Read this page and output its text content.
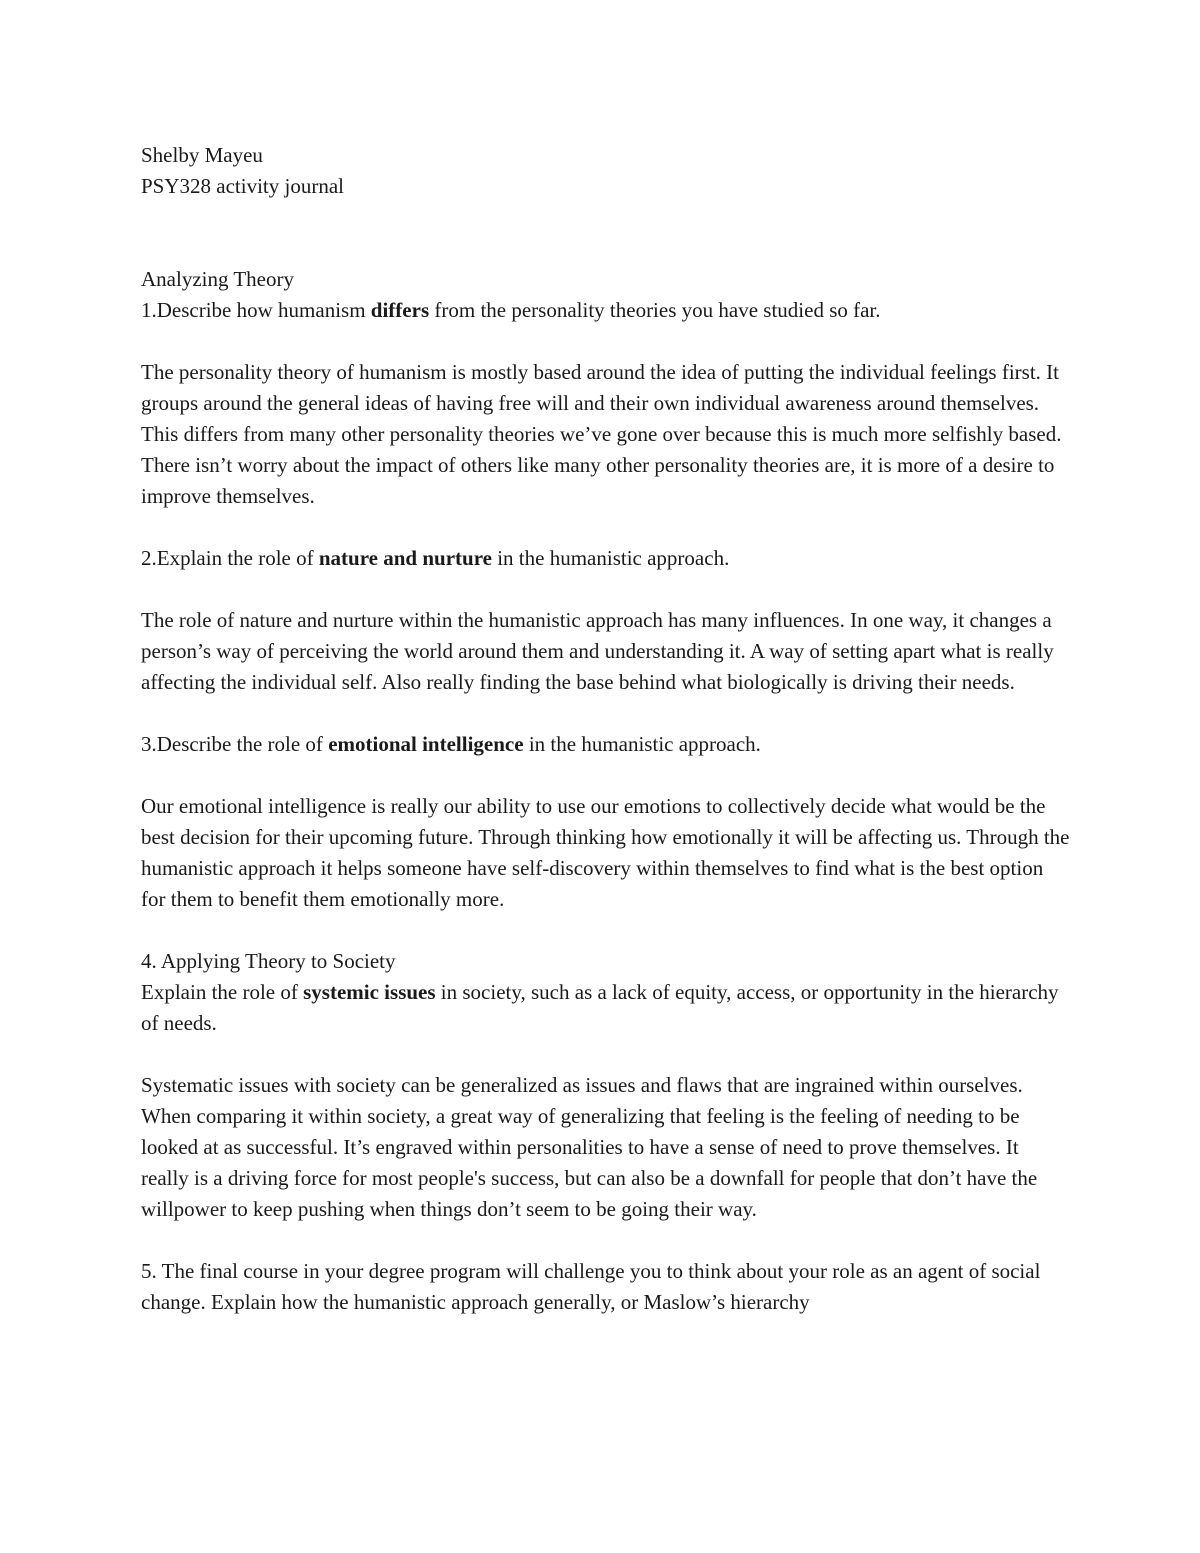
Shelby Mayeu

PSY328 activity journal

Analyzing Theory

1.Describe how humanism differs from the personality theories you have studied so far.

The personality theory of humanism is mostly based around the idea of putting the individual feelings first. It groups around the general ideas of having free will and their own individual awareness around themselves. This differs from many other personality theories we’ve gone over because this is much more selfishly based. There isn’t worry about the impact of others like many other personality theories are, it is more of a desire to improve themselves.

2.Explain the role of nature and nurture in the humanistic approach.

The role of nature and nurture within the humanistic approach has many influences. In one way, it changes a person’s way of perceiving the world around them and understanding it. A way of setting apart what is really affecting the individual self. Also really finding the base behind what biologically is driving their needs.

3.Describe the role of emotional intelligence in the humanistic approach.

Our emotional intelligence is really our ability to use our emotions to collectively decide what would be the best decision for their upcoming future. Through thinking how emotionally it will be affecting us. Through the humanistic approach it helps someone have self-discovery within themselves to find what is the best option for them to benefit them emotionally more.

4. Applying Theory to Society

Explain the role of systemic issues in society, such as a lack of equity, access, or opportunity in the hierarchy of needs.

Systematic issues with society can be generalized as issues and flaws that are ingrained within ourselves. When comparing it within society, a great way of generalizing that feeling is the feeling of needing to be looked at as successful. It’s engraved within personalities to have a sense of need to prove themselves. It really is a driving force for most people's success, but can also be a downfall for people that don’t have the willpower to keep pushing when things don’t seem to be going their way.

5. The final course in your degree program will challenge you to think about your role as an agent of social change. Explain how the humanistic approach generally, or Maslow’s hierarchy
